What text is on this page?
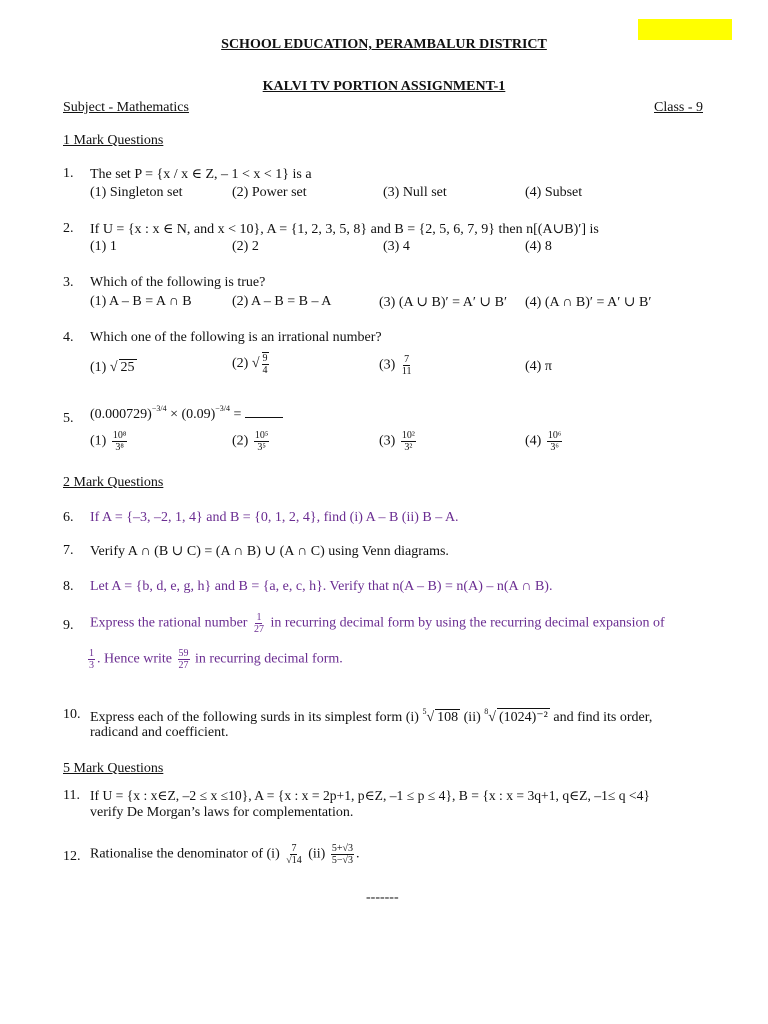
SCHOOL EDUCATION, PERAMBALUR DISTRICT
KALVI TV PORTION ASSIGNMENT-1
Subject - Mathematics	Class - 9
1 Mark Questions
1. The set P = {x / x ∈ Z, – 1 < x < 1} is a
(1) Singleton set	(2) Power set	(3) Null set	(4) Subset
2. If U = {x : x ∈ N, and x < 10}, A = {1, 2, 3, 5, 8} and B = {2, 5, 6, 7, 9} then n[(A∪B)′] is
(1) 1	(2) 2	(3) 4	(4) 8
3. Which of the following is true?
(1) A – B = A ∩ B	(2) A – B = B – A	(3) (A ∪ B)′ = A′ ∪ B′ (4) (A ∩ B)′ = A′ ∪ B′
4. Which one of the following is an irrational number?
(1) √ 25	(2) √ $\frac{9}{4}$	$(3) \frac{7}{11}$	(4) π
5. $(0.000729)^{-3/4} \times (0.09)^{-3/4}$ =
$(1) \frac{\text{10⁸}}{\text{3⁸}}$	$(2) \frac{\text{10⁵}}{\text{3⁵}}$	$(3) \frac{\text{10²}}{\text{3²}}$	$(4) \frac{\text{10⁶}}{\text{3⁶}}$
2 Mark Questions
6. If A = {–3, –2, 1, 4} and B = {0, 1, 2, 4}, find (i) A – B (ii) B – A.
7. Verify A ∩ (B ∪ C) = (A ∩ B) ∪ (A ∩ C) using Venn diagrams.
8. Let A = {b, d, e, g, h} and B = {a, e, c, h}. Verify that n(A – B) = n(A) – n(A ∩ B).
9. Express the rational number $\frac{1}{27}$ in recurring decimal form by using the recurring decimal expansion of
$\frac{1}{3}$ . Hence write $\frac{59}{27}$ in recurring decimal form.
10. Express each of the following surds in its simplest form (i) $^5$√ 108 (ii) $^8$√ (1024)⁻² and find its order,
radicand and coefficient.
5 Mark Questions
11. If U = {x : x∈Z, –2 ≤ x ≤10}, A = {x : x = 2p+1, p∈Z, –1 ≤ p ≤ 4}, B = {x : x = 3q+1, q∈Z, –1≤ q <4}
verify De Morgan’s laws for complementation.
12. Rationalise the denominator of $(i) \frac{7}{√14} (ii) \frac{5+√3}{5-√3}$ .
-------
